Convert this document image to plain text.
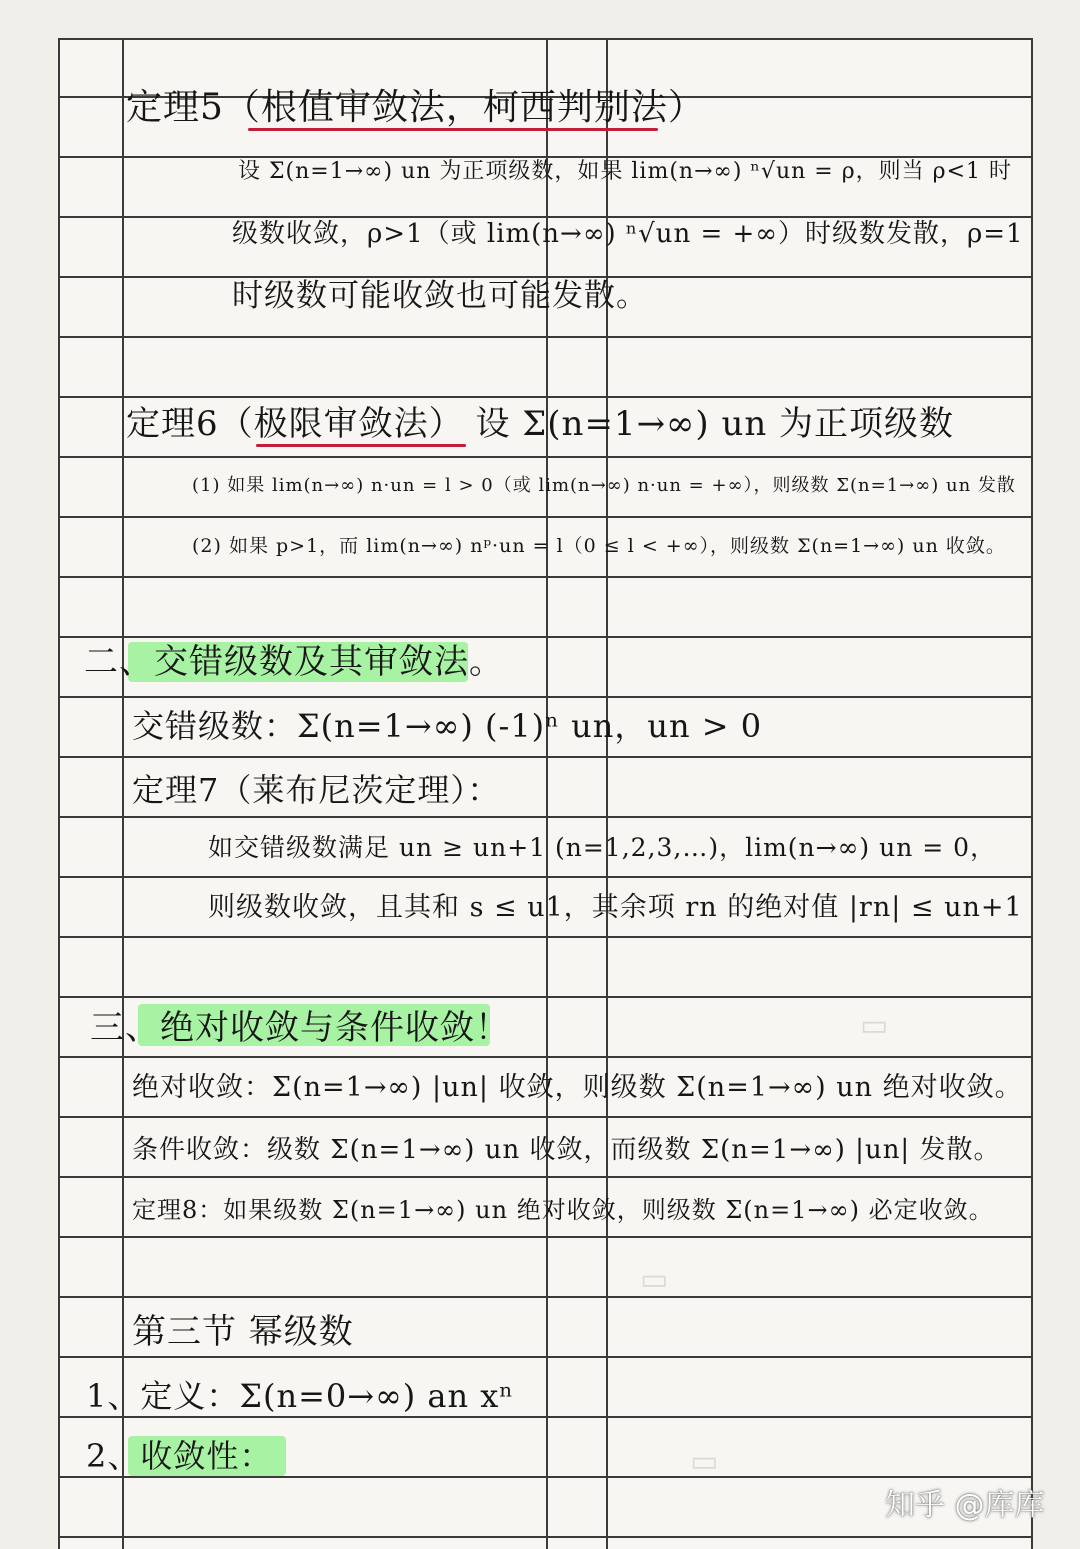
▭
▭
▭
定理5（根值审敛法，柯西判别法）
设 Σ(n=1→∞) un 为正项级数，如果 lim(n→∞) ⁿ√un = ρ，则当 ρ<1 时
级数收敛，ρ>1（或 lim(n→∞) ⁿ√un = +∞）时级数发散，ρ=1
时级数可能收敛也可能发散。
定理6（极限审敛法） 设 Σ(n=1→∞) un 为正项级数
(1) 如果 lim(n→∞) n·un = l > 0（或 lim(n→∞) n·un = +∞），则级数 Σ(n=1→∞) un 发散
(2) 如果 p>1，而 lim(n→∞) nᵖ·un = l（0 ≤ l < +∞），则级数 Σ(n=1→∞) un 收敛。
二、交错级数及其审敛法。
交错级数：Σ(n=1→∞) (-1)ⁿ un，un > 0
定理7（莱布尼茨定理）：
如交错级数满足 un ≥ un+1 (n=1,2,3,…)，lim(n→∞) un = 0，
则级数收敛，且其和 s ≤ u1，其余项 rn 的绝对值 |rn| ≤ un+1
三、绝对收敛与条件收敛！
绝对收敛：Σ(n=1→∞) |un| 收敛，则级数 Σ(n=1→∞) un 绝对收敛。
条件收敛：级数 Σ(n=1→∞) un 收敛，而级数 Σ(n=1→∞) |un| 发散。
定理8：如果级数 Σ(n=1→∞) un 绝对收敛，则级数 Σ(n=1→∞) 必定收敛。
第三节 幂级数
1、定义：Σ(n=0→∞) an xⁿ
2、收敛性：
知乎 @库库
